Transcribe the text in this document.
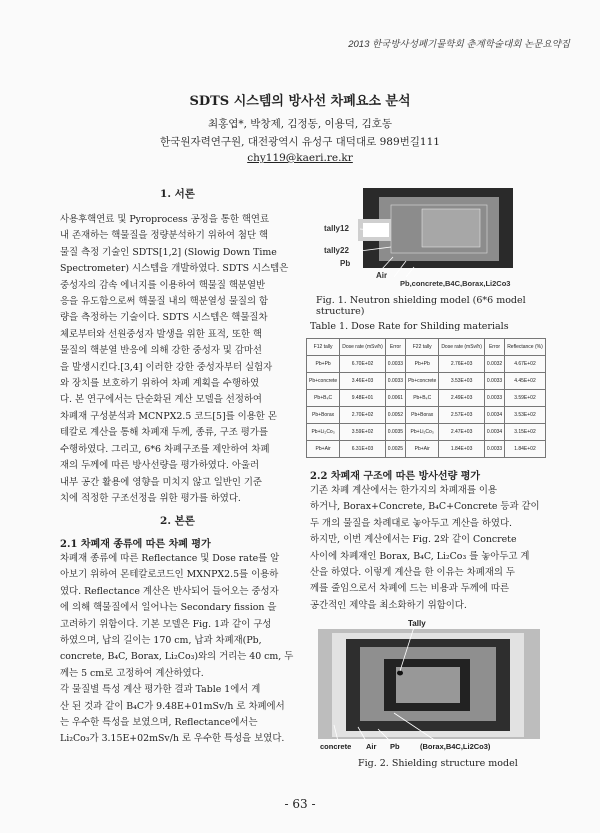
2013 한국방사성폐기물학회 춘계학술대회 논문요약집
SDTS 시스템의 방사선 차폐요소 분석
최홍엽*, 박창제, 김정동, 이용덕, 김호동
한국원자력연구원, 대전광역시 유성구 대덕대로 989번길111
chy119@kaeri.re.kr
1. 서론
사용후핵연료 및 Pyroprocess 공정을 통한 핵연료
내 존재하는 핵물질을 정량분석하기 위하여 첨단 핵
물질 측정 기술인 SDTS[1,2] (Slowig Down Time
Spectrometer) 시스템을 개발하였다. SDTS 시스템은
중성자의 감속 에너지를 이용하여 핵물질 핵분열반
응을 유도함으로써 핵물질 내의 핵분열성 물질의 함
량을 측정하는 기술이다. SDTS 시스템은 핵물질차
체로부터와 선원중성자 발생을 위한 표적, 또한 핵
물질의 핵분열 반응에 의해 강한 중성자 및 감마선
을 발생시킨다.[3,4] 이러한 강한 중성자부터 실험자
와 장치를 보호하기 위하여 차폐 계획을 수행하였
다. 본 연구에서는 단순화된 계산 모델을 선정하여
차폐재 구성분석과 MCNPX2.5 코드[5]를 이용한 몬
테칼로 계산을 통해 차폐재 두께, 종류, 구조 평가를
수행하였다. 그리고, 6*6 차폐구조를 제안하여 차폐
재의 두께에 따른 방사선량을 평가하였다. 아울러
내부 공간 활용에 영향을 미치지 않고 일반인 기준
치에 적정한 구조선정을 위한 평가를 하였다.
2. 본론
2.1 차폐재 종류에 따른 차폐 평가
차폐재 종류에 따른 Reflectance 및 Dose rate를 알
아보기 위하여 몬테칼로코드인 MXNPX2.5를 이용하
였다. Reflectance 계산은 반사되어 들어오는 중성자
에 의해 핵물질에서 일어나는 Secondary fission 을
고려하기 위함이다. 기본 모델은 Fig. 1과 같이 구성
하였으며, 납의 길이는 170 cm, 납과 차폐재(Pb,
concrete, B₄C, Borax, Li₂Co₃)와의 거리는 40 cm, 두
께는 5 cm로 고정하여 계산하였다.
각 물질별 특성 계산 평가한 결과 Table 1에서 계
산 된 것과 같이 B₄C가 9.48E+01mSv/h 로 차폐에서
는 우수한 특성을 보였으며, Reflectance에서는
Li₂Co₃가 3.15E+02mSv/h 로 우수한 특성을 보였다.
tally12
tally22
Pb
Air
Pb,concrete,B4C,Borax,Li2Co3
Fig. 1. Neutron shielding model (6*6 model structure)
Table 1. Dose Rate for Shilding materials
F12 tally	Dose rate (mSv/h)	Error	F22 tally	Dose rate (mSv/h)	Error	Reflectance (%)
Pb+Pb	6.70E+02	0.0033	Pb+Pb	2.76E+03	0.0032	4.67E+02
Pb+concrete	3.46E+03	0.0033	Pb+concrete	3.53E+03	0.0033	4.45E+02
Pb+B₄C	9.48E+01	0.0061	Pb+B₄C	2.49E+03	0.0033	3.59E+02
Pb+Borax	2.70E+02	0.0052	Pb+Borax	2.57E+03	0.0034	3.53E+02
Pb+Li₂Co₃	3.59E+02	0.0035	Pb+Li₂Co₃	2.47E+03	0.0034	3.15E+02
Pb+Air	6.31E+03	0.0025	Pb+Air	1.84E+03	0.0033	1.84E+02
2.2 차폐재 구조에 따른 방사선량 평가
기존 차폐 계산에서는 한가지의 차폐재를 이용
하거나, Borax+Concrete, B₄C+Concrete 등과 같이
두 개의 물질을 차례대로 놓아두고 계산을 하였다.
하지만, 이번 계산에서는 Fig. 2와 같이 Concrete
사이에 차폐재인 Borax, B₄C, Li₂Co₃ 를 놓아두고 계
산을 하였다. 이렇게 계산을 한 이유는 차폐재의 두
께를 줄임으로서 차폐에 드는 비용과 두께에 따른
공간적인 제약을 최소화하기 위함이다.
Tally
concrete Air Pb	(Borax,B4C,Li2Co3)
Fig. 2. Shielding structure model
- 63 -
